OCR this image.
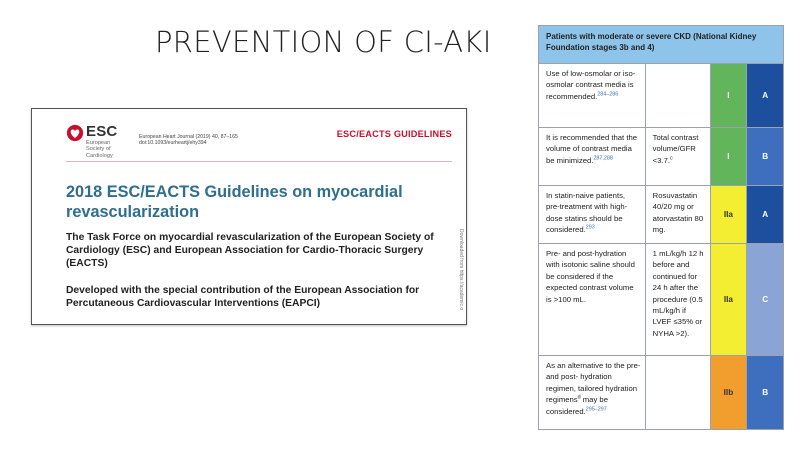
PREVENTION OF CI-AKI
ESC
European Society of Cardiology
European Heart Journal (2019) 40, 87–165
doi:10.1093/eurheartj/ehy394
ESC/EACTS GUIDELINES
2018 ESC/EACTS Guidelines on myocardial revascularization
The Task Force on myocardial revascularization of the European Society of Cardiology (ESC) and European Association for Cardio-Thoracic Surgery (EACTS)
Developed with the special contribution of the European Association for Percutaneous Cardiovascular Interventions (EAPCI)	Downloaded from https://academic.o
Patients with moderate or severe CKD (National Kidney Foundation stages 3b and 4)			
Use of low-osmolar or iso-osmolar contrast media is recommended.$^{284-286}$		I	A
It is recommended that the volume of contrast media be minimized.$^{287,288}$	Total contrast volume/GFR <3.7.$^c$	I	B
In statin-naive patients, pre-treatment with high-dose statins should be considered.$^{293}$	Rosuvastatin 40/20 mg or atorvastatin 80 mg.	IIa	A
Pre- and post-hydration with isotonic saline should be considered if the expected contrast volume is >100 mL.	1 mL/kg/h 12 h before and continued for 24 h after the procedure (0.5 mL/kg/h if LVEF ≤35% or NYHA >2).	IIa	C
As an alternative to the pre- and post- hydration regimen, tailored hydration regimens$^d$ may be considered.$^{295-297}$		IIb	B
